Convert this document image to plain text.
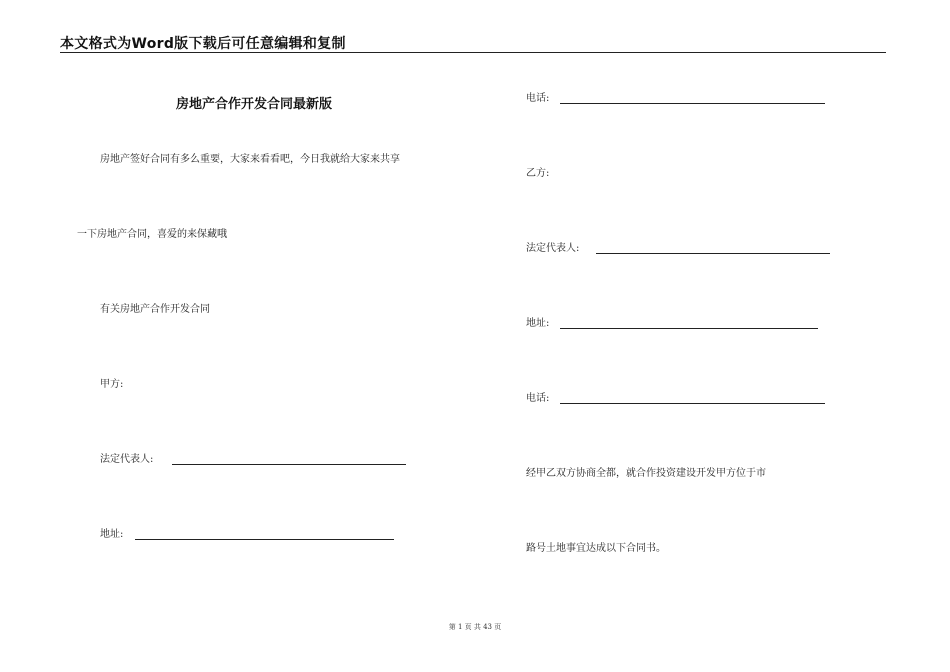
本文格式为Word版下载后可任意编辑和复制
房地产合作开发合同最新版
房地产签好合同有多么重要，大家来看看吧，今日我就给大家来共享
一下房地产合同，喜爱的来保藏哦
有关房地产合作开发合同
甲方:
法定代表人:
地址:
电话:
乙方:
法定代表人:
地址:
电话:
经甲乙双方协商全都，就合作投资建设开发甲方位于市
路号土地事宜达成以下合同书。
第 1 页 共 43 页
